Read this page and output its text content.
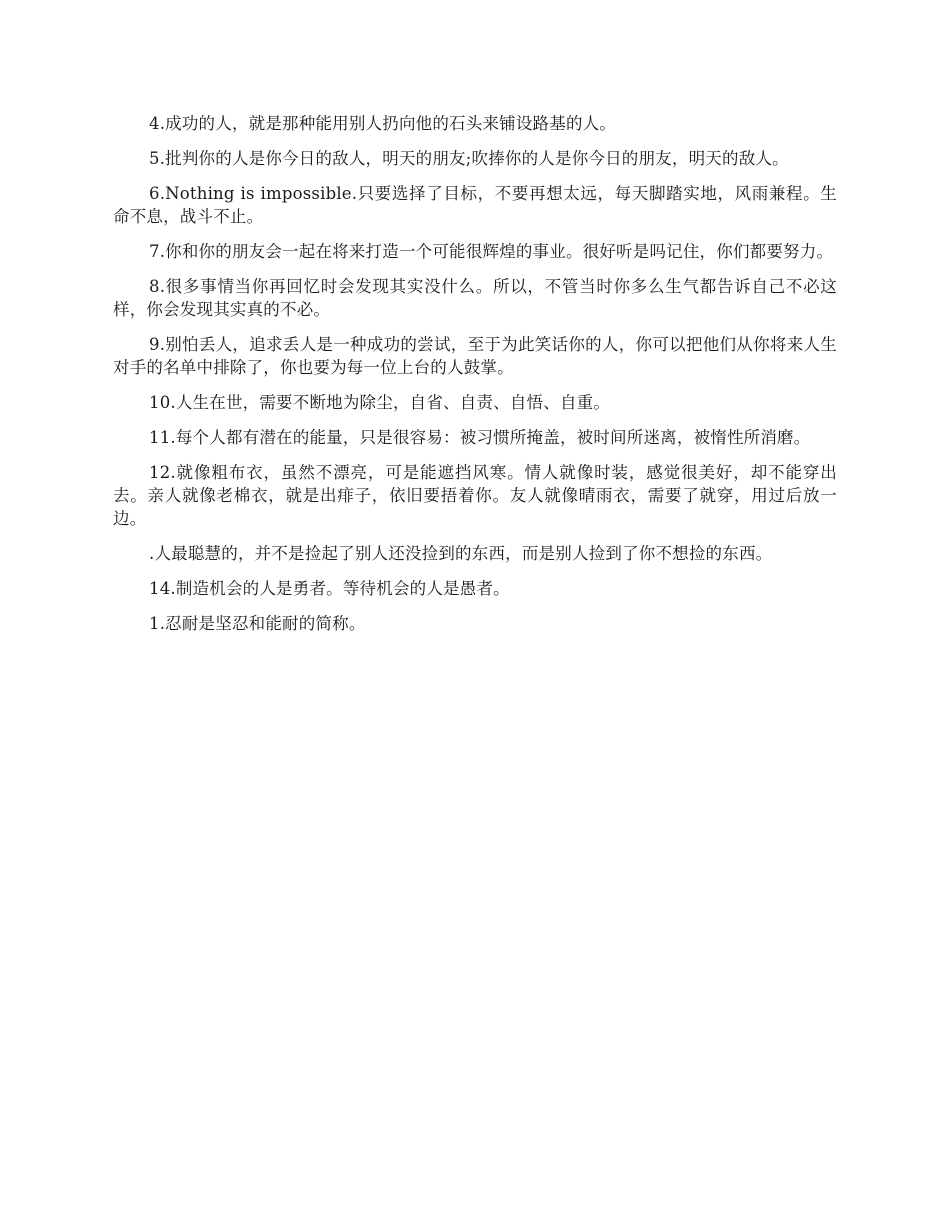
4.成功的人，就是那种能用别人扔向他的石头来铺设路基的人。

5.批判你的人是你今日的敌人，明天的朋友;吹捧你的人是你今日的朋友，明天的敌人。

6.Nothing is impossible.只要选择了目标，不要再想太远，每天脚踏实地，风雨兼程。生命不息，战斗不止。

7.你和你的朋友会一起在将来打造一个可能很辉煌的事业。很好听是吗记住，你们都要努力。

8.很多事情当你再回忆时会发现其实没什么。所以，不管当时你多么生气都告诉自己不必这样，你会发现其实真的不必。

9.别怕丢人，追求丢人是一种成功的尝试，至于为此笑话你的人，你可以把他们从你将来人生对手的名单中排除了，你也要为每一位上台的人鼓掌。

10.人生在世，需要不断地为除尘，自省、自责、自悟、自重。

11.每个人都有潜在的能量，只是很容易：被习惯所掩盖，被时间所迷离，被惰性所消磨。

12.就像粗布衣，虽然不漂亮，可是能遮挡风寒。情人就像时装，感觉很美好，却不能穿出去。亲人就像老棉衣，就是出痱子，依旧要捂着你。友人就像晴雨衣，需要了就穿，用过后放一边。

.人最聪慧的，并不是捡起了别人还没捡到的东西，而是别人捡到了你不想捡的东西。

14.制造机会的人是勇者。等待机会的人是愚者。

1.忍耐是坚忍和能耐的简称。
